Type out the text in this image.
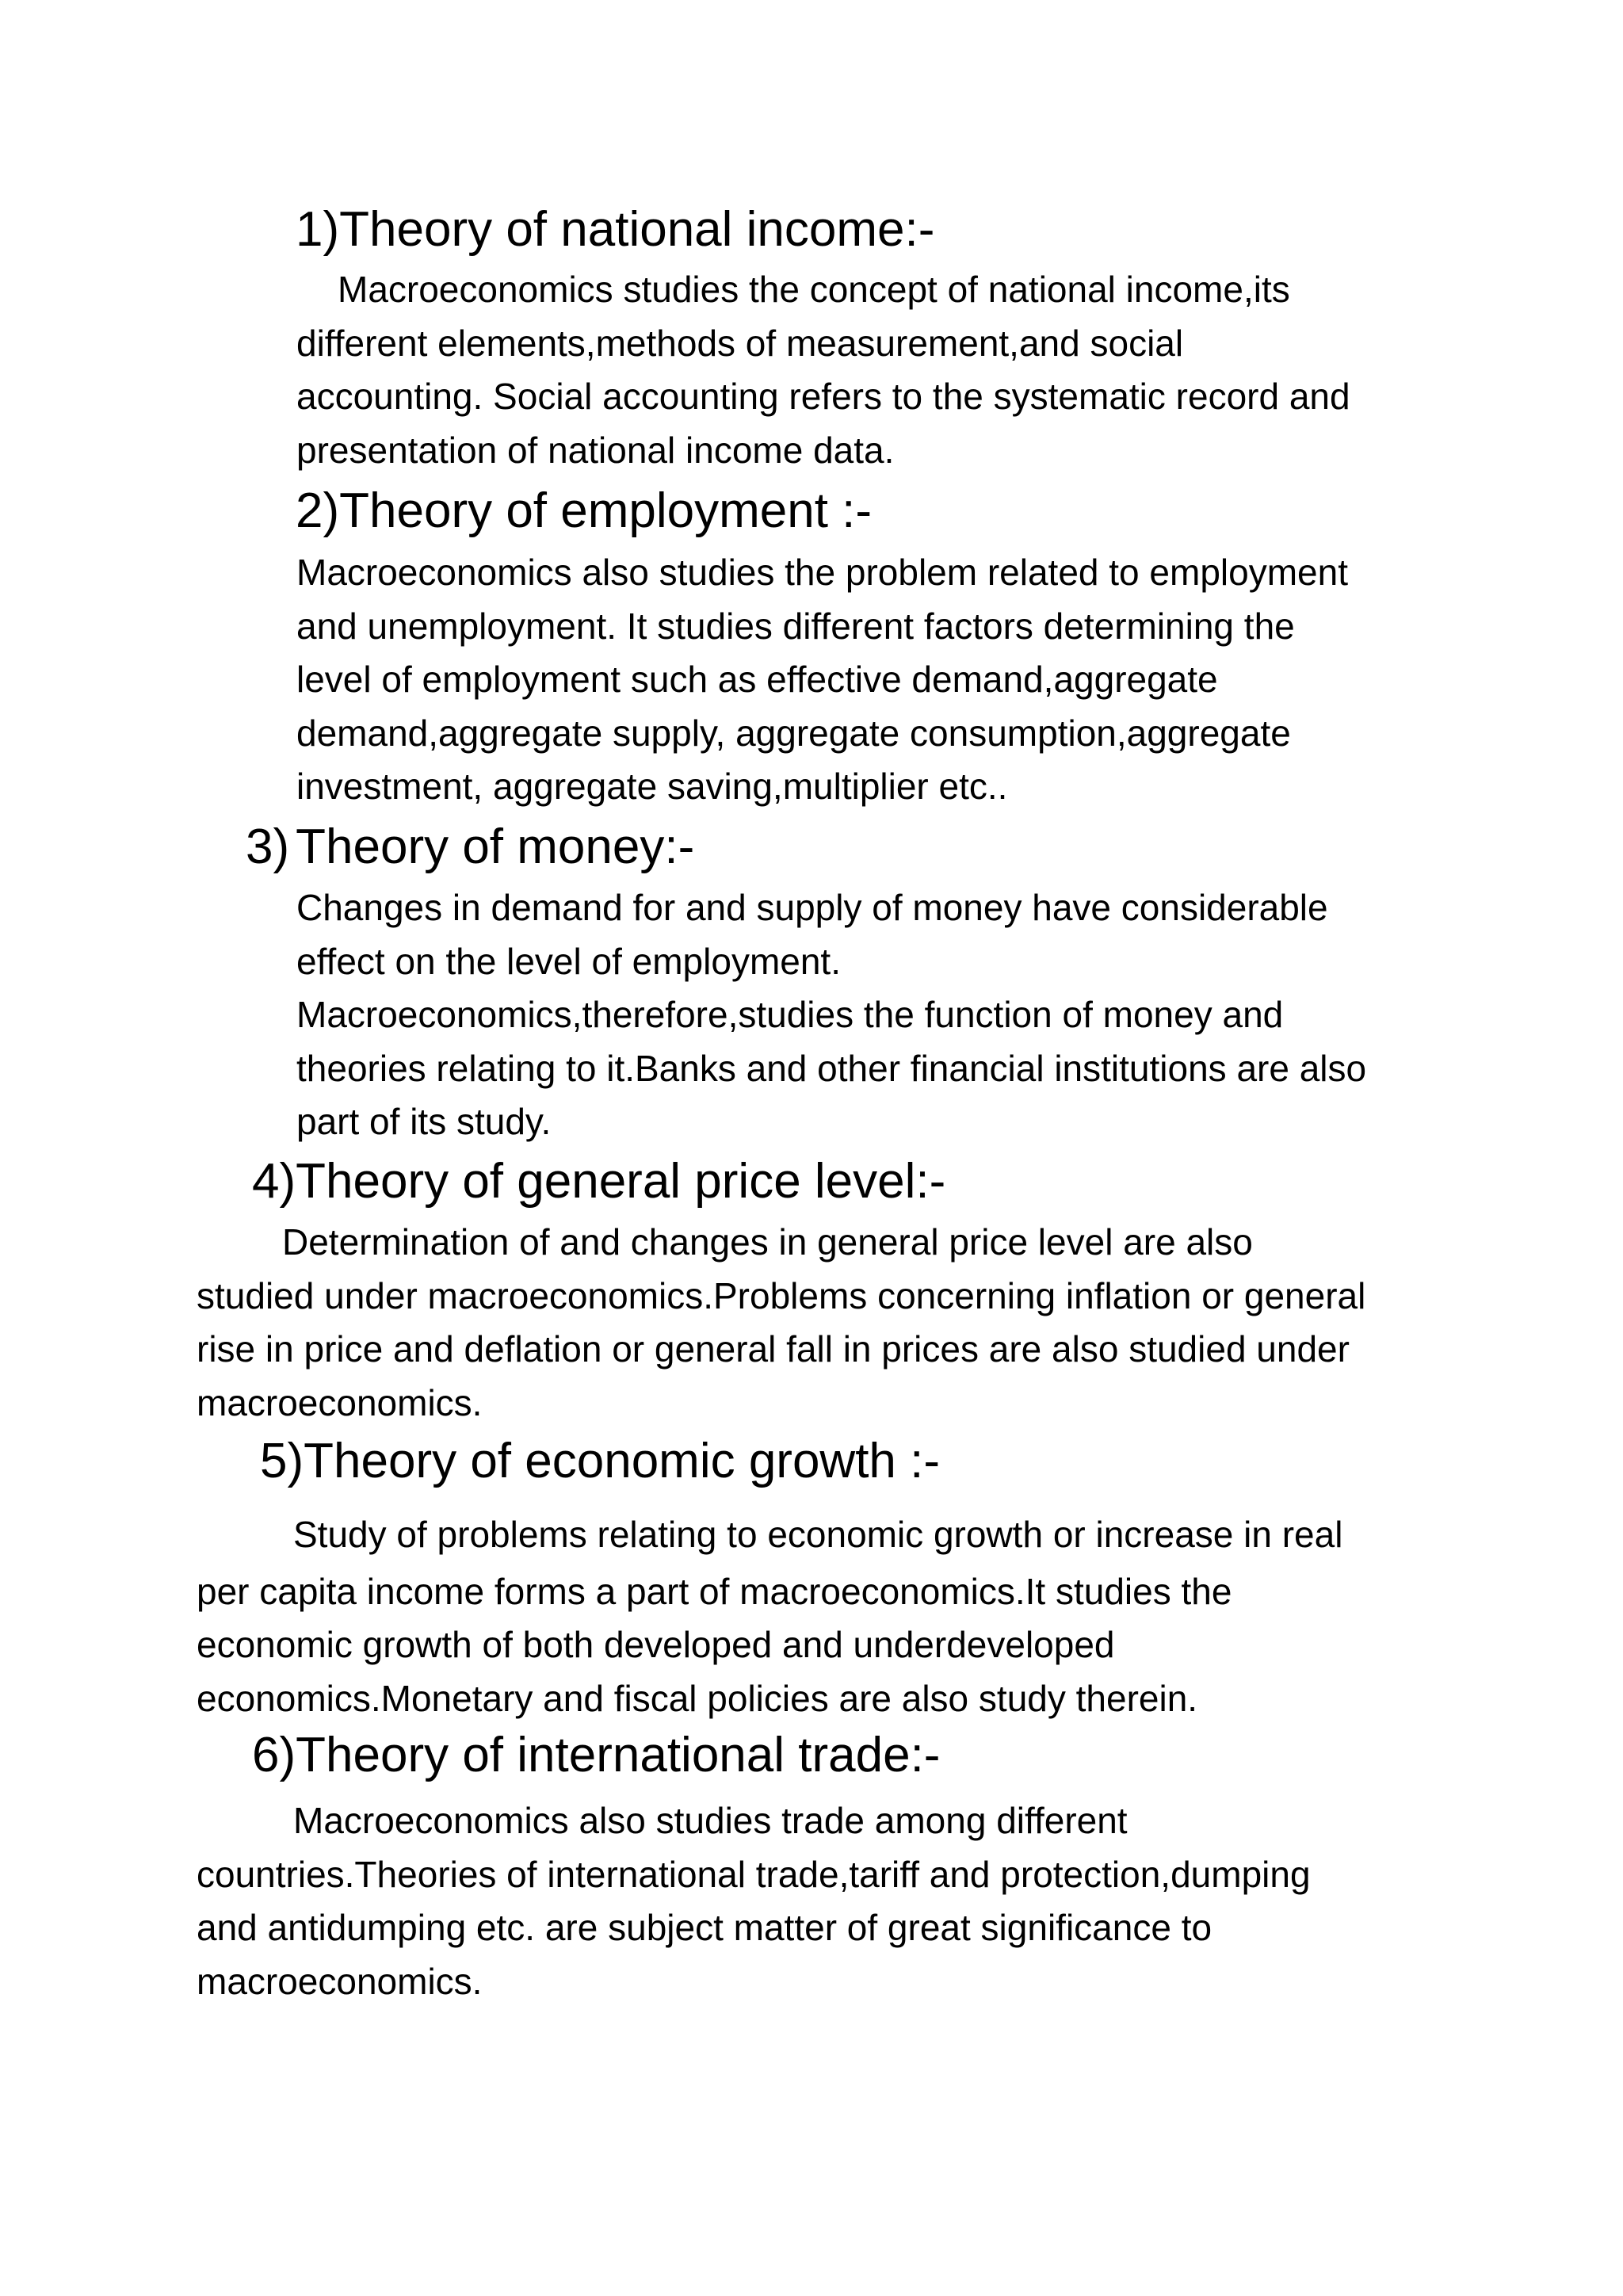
1)Theory of national income:-
Macroeconomics studies the concept of national income,its
different elements,methods of measurement,and social
accounting. Social accounting refers to the systematic record and
presentation of national income data.
2)Theory of employment :-
Macroeconomics also studies the problem related to employment
and unemployment. It studies different factors determining the
level of employment such as effective demand,aggregate
demand,aggregate supply, aggregate consumption,aggregate
investment, aggregate saving,multiplier etc..
3) Theory of money:-
Changes in demand for and supply of money have considerable
effect on the level of employment.
Macroeconomics,therefore,studies the function of money and
theories relating to it.Banks and other financial institutions are also
part of its study.
4)Theory of general price level:-
Determination of and changes in general price level are also
studied under macroeconomics.Problems concerning inflation or general
rise in price and deflation or general fall in prices are also studied under
macroeconomics.
5)Theory of economic growth :-
Study of problems relating to economic growth or increase in real
per capita income forms a part of macroeconomics.It studies the
economic growth of both developed and underdeveloped
economics.Monetary and fiscal policies are also study therein.
6)Theory of international trade:-
Macroeconomics also studies trade among different
countries.Theories of international trade,tariff and protection,dumping
and antidumping etc. are subject matter of great significance to
macroeconomics.
